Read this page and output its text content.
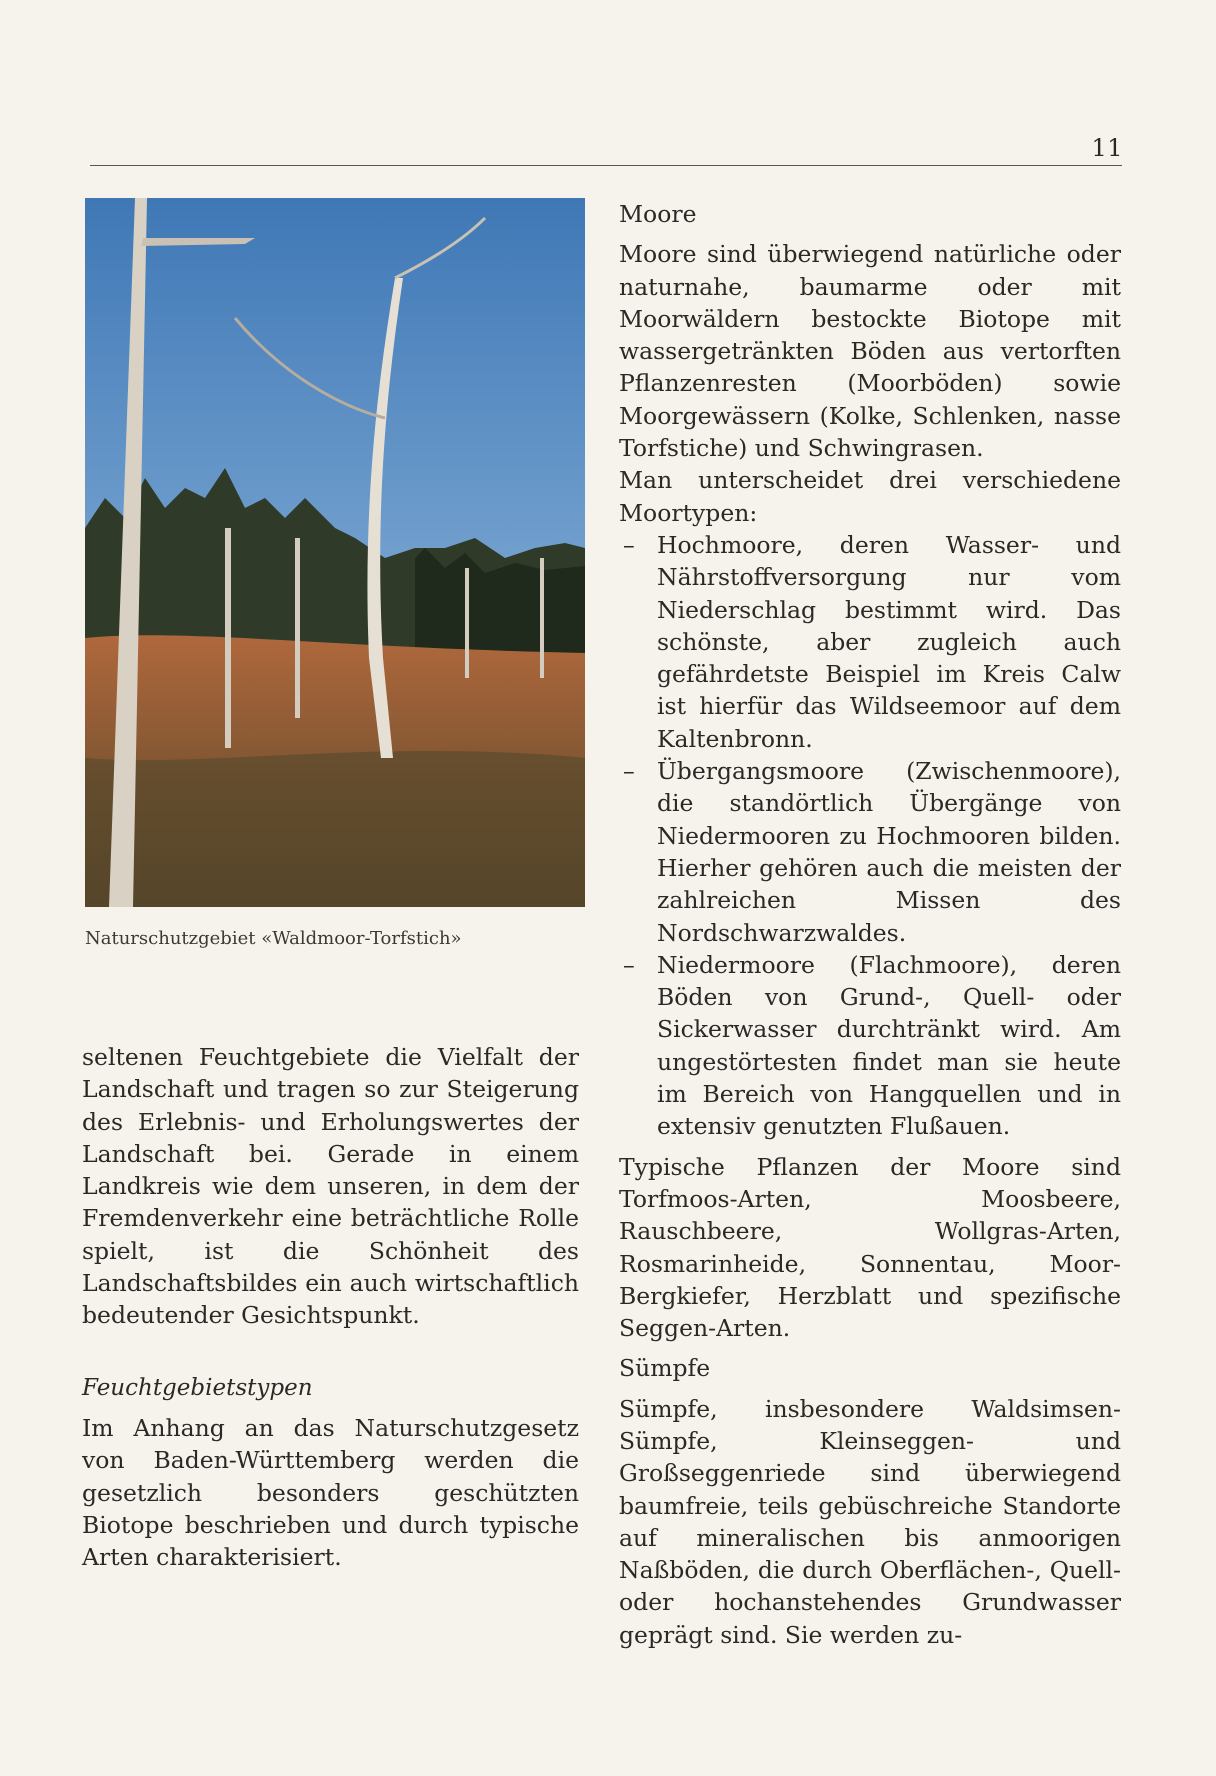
11
Naturschutzgebiet «Waldmoor-Torfstich»

seltenen Feuchtgebiete die Vielfalt der Landschaft und tragen so zur Steigerung des Erlebnis- und Erholungswertes der Landschaft bei. Gerade in einem Landkreis wie dem unseren, in dem der Fremdenverkehr eine beträchtliche Rolle spielt, ist die Schönheit des Landschaftsbildes ein auch wirtschaftlich bedeutender Gesichtspunkt.

Feuchtgebietstypen

Im Anhang an das Naturschutzgesetz von Baden-Württemberg werden die gesetzlich besonders geschützten Biotope beschrieben und durch typische Arten charakterisiert.

Moore

Moore sind überwiegend natürliche oder naturnahe, baumarme oder mit Moorwäldern bestockte Biotope mit wassergetränkten Böden aus vertorften Pflanzenresten (Moorböden) sowie Moorgewässern (Kolke, Schlenken, nasse Torfstiche) und Schwingrasen.

Man unterscheidet drei verschiedene Moortypen:

– Hochmoore, deren Wasser- und Nährstoffversorgung nur vom Niederschlag bestimmt wird. Das schönste, aber zugleich auch gefährdetste Beispiel im Kreis Calw ist hierfür das Wildseemoor auf dem Kaltenbronn.
– Übergangsmoore (Zwischenmoore), die standörtlich Übergänge von Niedermooren zu Hochmooren bilden. Hierher gehören auch die meisten der zahlreichen Missen des Nordschwarzwaldes.
– Niedermoore (Flachmoore), deren Böden von Grund-, Quell- oder Sickerwasser durchtränkt wird. Am ungestörtesten findet man sie heute im Bereich von Hangquellen und in extensiv genutzten Flußauen.

Typische Pflanzen der Moore sind Torfmoos-Arten, Moosbeere, Rauschbeere, Wollgras-Arten, Rosmarinheide, Sonnentau, Moor-Bergkiefer, Herzblatt und spezifische Seggen-Arten.

Sümpfe

Sümpfe, insbesondere Waldsimsen-Sümpfe, Kleinseggen- und Großseggenriede sind überwiegend baumfreie, teils gebüschreiche Standorte auf mineralischen bis anmoorigen Naßböden, die durch Oberflächen-, Quell- oder hochanstehendes Grundwasser geprägt sind. Sie werden zu-
